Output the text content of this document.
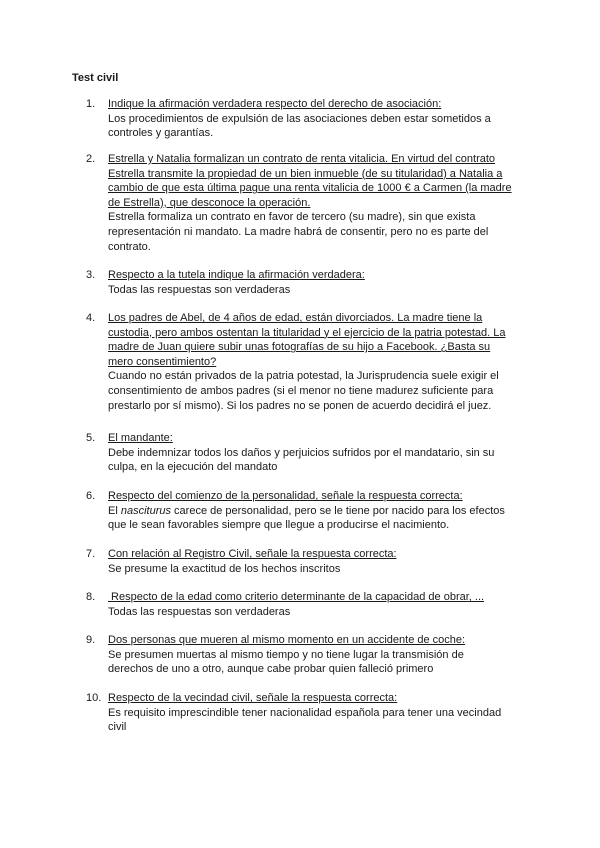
Test civil
1.	Indique la afirmación verdadera respecto del derecho de asociación:
Los procedimientos de expulsión de las asociaciones deben estar sometidos a controles y garantías.
2.	Estrella y Natalia formalizan un contrato de renta vitalicia. En virtud del contrato Estrella transmite la propiedad de un bien inmueble (de su titularidad) a Natalia a cambio de que esta última pague una renta vitalicia de 1000 € a Carmen (la madre de Estrella), que desconoce la operación.
Estrella formaliza un contrato en favor de tercero (su madre), sin que exista representación ni mandato. La madre habrá de consentir, pero no es parte del contrato.
3.	Respecto a la tutela indique la afirmación verdadera:
Todas las respuestas son verdaderas
4.	Los padres de Abel, de 4 años de edad, están divorciados. La madre tiene la custodia, pero ambos ostentan la titularidad y el ejercicio de la patria potestad. La madre de Juan quiere subir unas fotografías de su hijo a Facebook. ¿Basta su mero consentimiento?
Cuando no están privados de la patria potestad, la Jurisprudencia suele exigir el consentimiento de ambos padres (si el menor no tiene madurez suficiente para prestarlo por sí mismo). Si los padres no se ponen de acuerdo decidirá el juez.
5.	El mandante:
Debe indemnizar todos los daños y perjuicios sufridos por el mandatario, sin su culpa, en la ejecución del mandato
6.	Respecto del comienzo de la personalidad, señale la respuesta correcta:
El nasciturus carece de personalidad, pero se le tiene por nacido para los efectos que le sean favorables siempre que llegue a producirse el nacimiento.
7.	Con relación al Registro Civil, señale la respuesta correcta:
Se presume la exactitud de los hechos inscritos
8.	Respecto de la edad como criterio determinante de la capacidad de obrar, ...
Todas las respuestas son verdaderas
9.	Dos personas que mueren al mismo momento en un accidente de coche:
Se presumen muertas al mismo tiempo y no tiene lugar la transmisión de derechos de uno a otro, aunque cabe probar quien falleció primero
10. Respecto de la vecindad civil, señale la respuesta correcta:
Es requisito imprescindible tener nacionalidad española para tener una vecindad civil
